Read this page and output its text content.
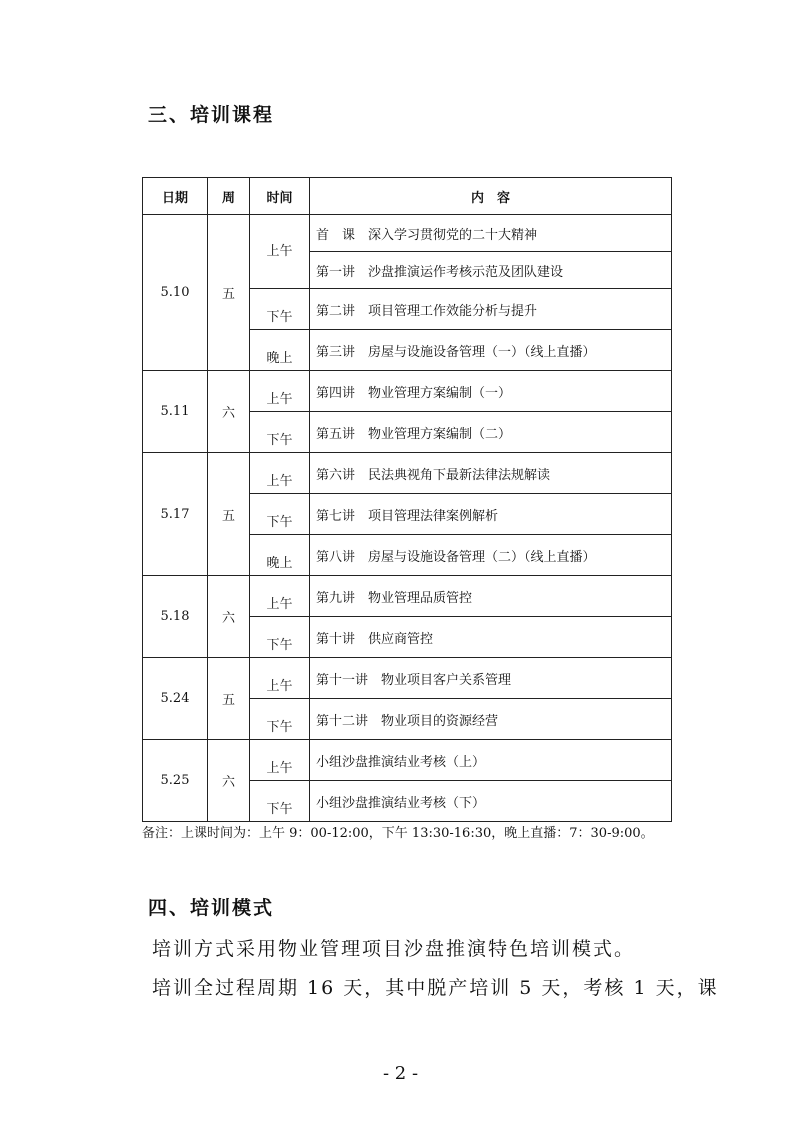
三、培训课程
日期	周	时间	内　容
5.10	五	上午	首　课　深入学习贯彻党的二十大精神
			第一讲　沙盘推演运作考核示范及团队建设
		下午	第二讲　项目管理工作效能分析与提升
		晚上	第三讲　房屋与设施设备管理（一）（线上直播）
5.11	六	上午	第四讲　物业管理方案编制（一）
		下午	第五讲　物业管理方案编制（二）
5.17	五	上午	第六讲　民法典视角下最新法律法规解读
		下午	第七讲　项目管理法律案例解析
		晚上	第八讲　房屋与设施设备管理（二）（线上直播）
5.18	六	上午	第九讲　物业管理品质管控
		下午	第十讲　供应商管控
5.24	五	上午	第十一讲　物业项目客户关系管理
		下午	第十二讲　物业项目的资源经营
5.25	六	上午	小组沙盘推演结业考核（上）
		下午	小组沙盘推演结业考核（下）
备注：上课时间为：上午 9：00-12:00，下午 13:30-16:30，晚上直播：7：30-9:00。
四、培训模式

培训方式采用物业管理项目沙盘推演特色培训模式。

培训全过程周期 16 天，其中脱产培训 5 天，考核 1 天，课

- 2 -
